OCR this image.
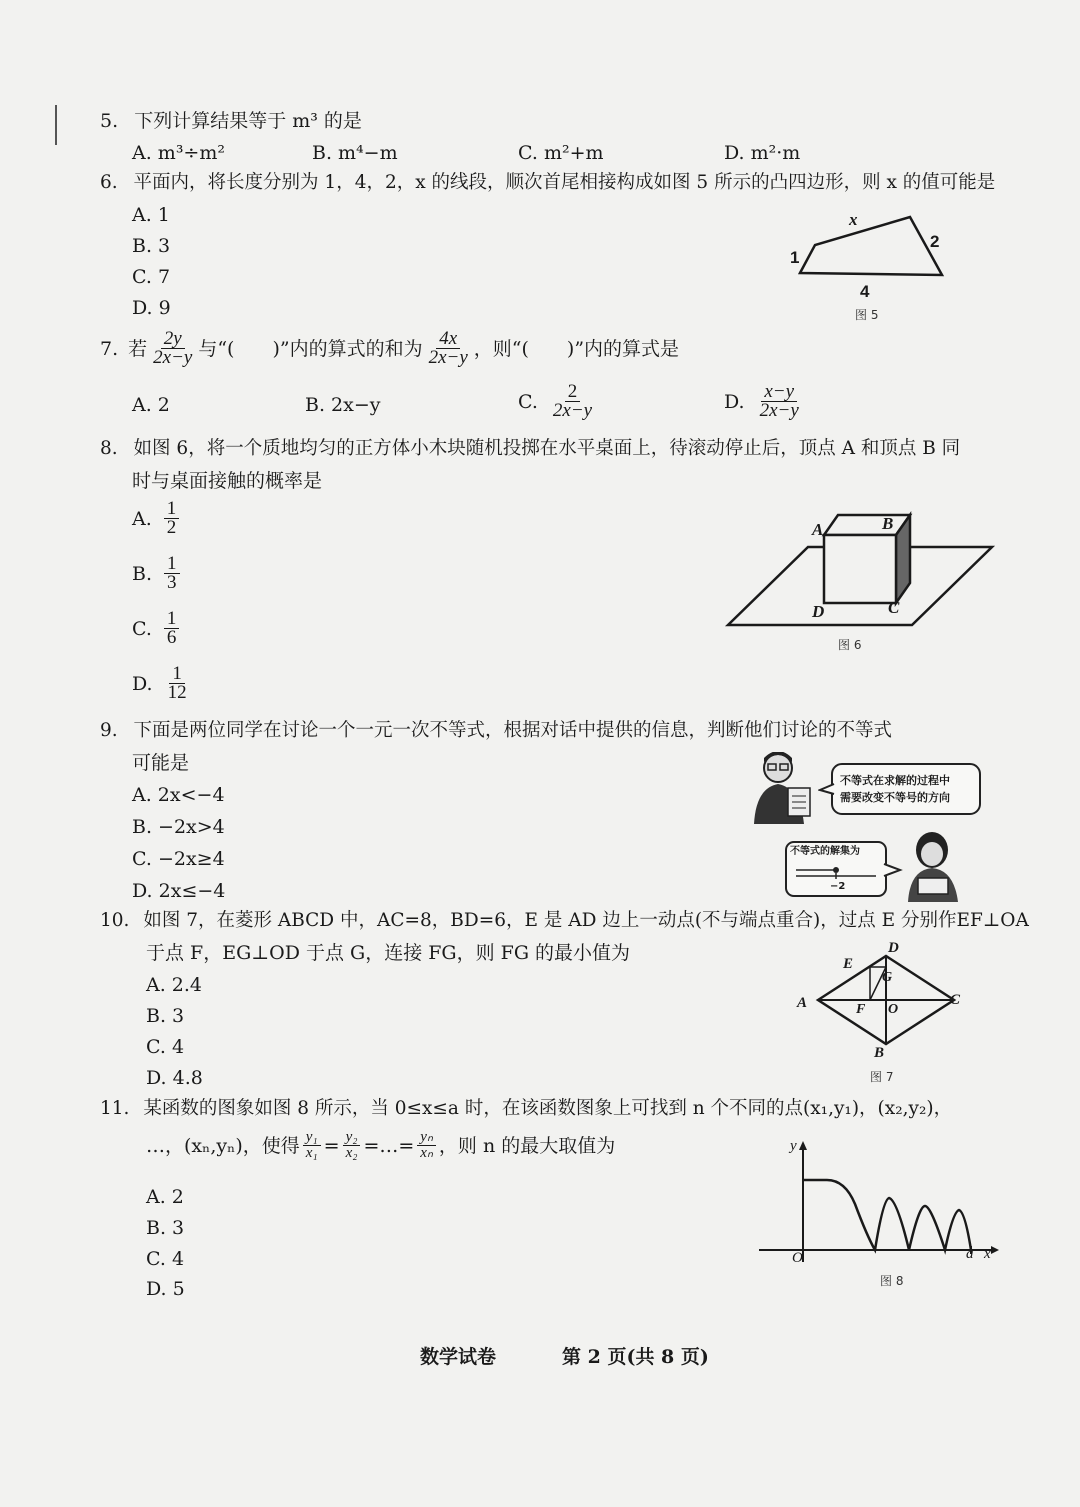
5. 下列计算结果等于 m³ 的是
A. m³÷m²	B. m⁴−m	C. m²+m	D. m²·m
6. 平面内，将长度分别为 1，4，2，x 的线段，顺次首尾相接构成如图 5 所示的凸四边形，则 x 的值可能是
A. 1
B. 3
C. 7
D. 9
x
2
4
1
图 5
7. 若 $\frac{2y}{2x-y}$ 与“(　　)”内的算式的和为 $\frac{4x}{2x-y}$ ，则“(　　)”内的算式是
A. 2	B. 2x−y	C. $\frac{2}{2x-y}$	D. $\frac{x-y}{2x-y}$
8. 如图 6，将一个质地均匀的正方体小木块随机投掷在水平桌面上，待滚动停止后，顶点 A 和顶点 B 同
时与桌面接触的概率是
A. $\frac{1}{2}$
B. $\frac{1}{3}$
C. $\frac{1}{6}$
D. $\frac{1}{12}$
A	B
C
D
图 6
9. 下面是两位同学在讨论一个一元一次不等式，根据对话中提供的信息，判断他们讨论的不等式
可能是
A. 2x<−4
B. −2x>4
C. −2x≥4
D. 2x≤−4
不等式在求解的过程中
需要改变不等号的方向
不等式的解集为
−2
10. 如图 7，在菱形 ABCD 中，AC=8，BD=6，E 是 AD 边上一动点(不与端点重合)，过点 E 分别作EF⊥OA
于点 F，EG⊥OD 于点 G，连接 FG，则 FG 的最小值为
A. 2.4
B. 3
C. 4
D. 4.8
D
E
G
A	C
F O
B
图 7
11. 某函数的图象如图 8 所示，当 0≤x≤a 时，在该函数图象上可找到 n 个不同的点(x₁,y₁)，(x₂,y₂)，
…，(xₙ,yₙ)，使得 $\frac{\text{y₁}}{\text{x₁}} = \frac{\text{y₂}}{\text{x₂}}$ =…= $\frac{\text{yₙ}}{\text{xₙ}}$ ，则 n 的最大取值为
A. 2
B. 3
C. 4
D. 5
y
O	a x
图 8
数学试卷	第 2 页(共 8 页)
